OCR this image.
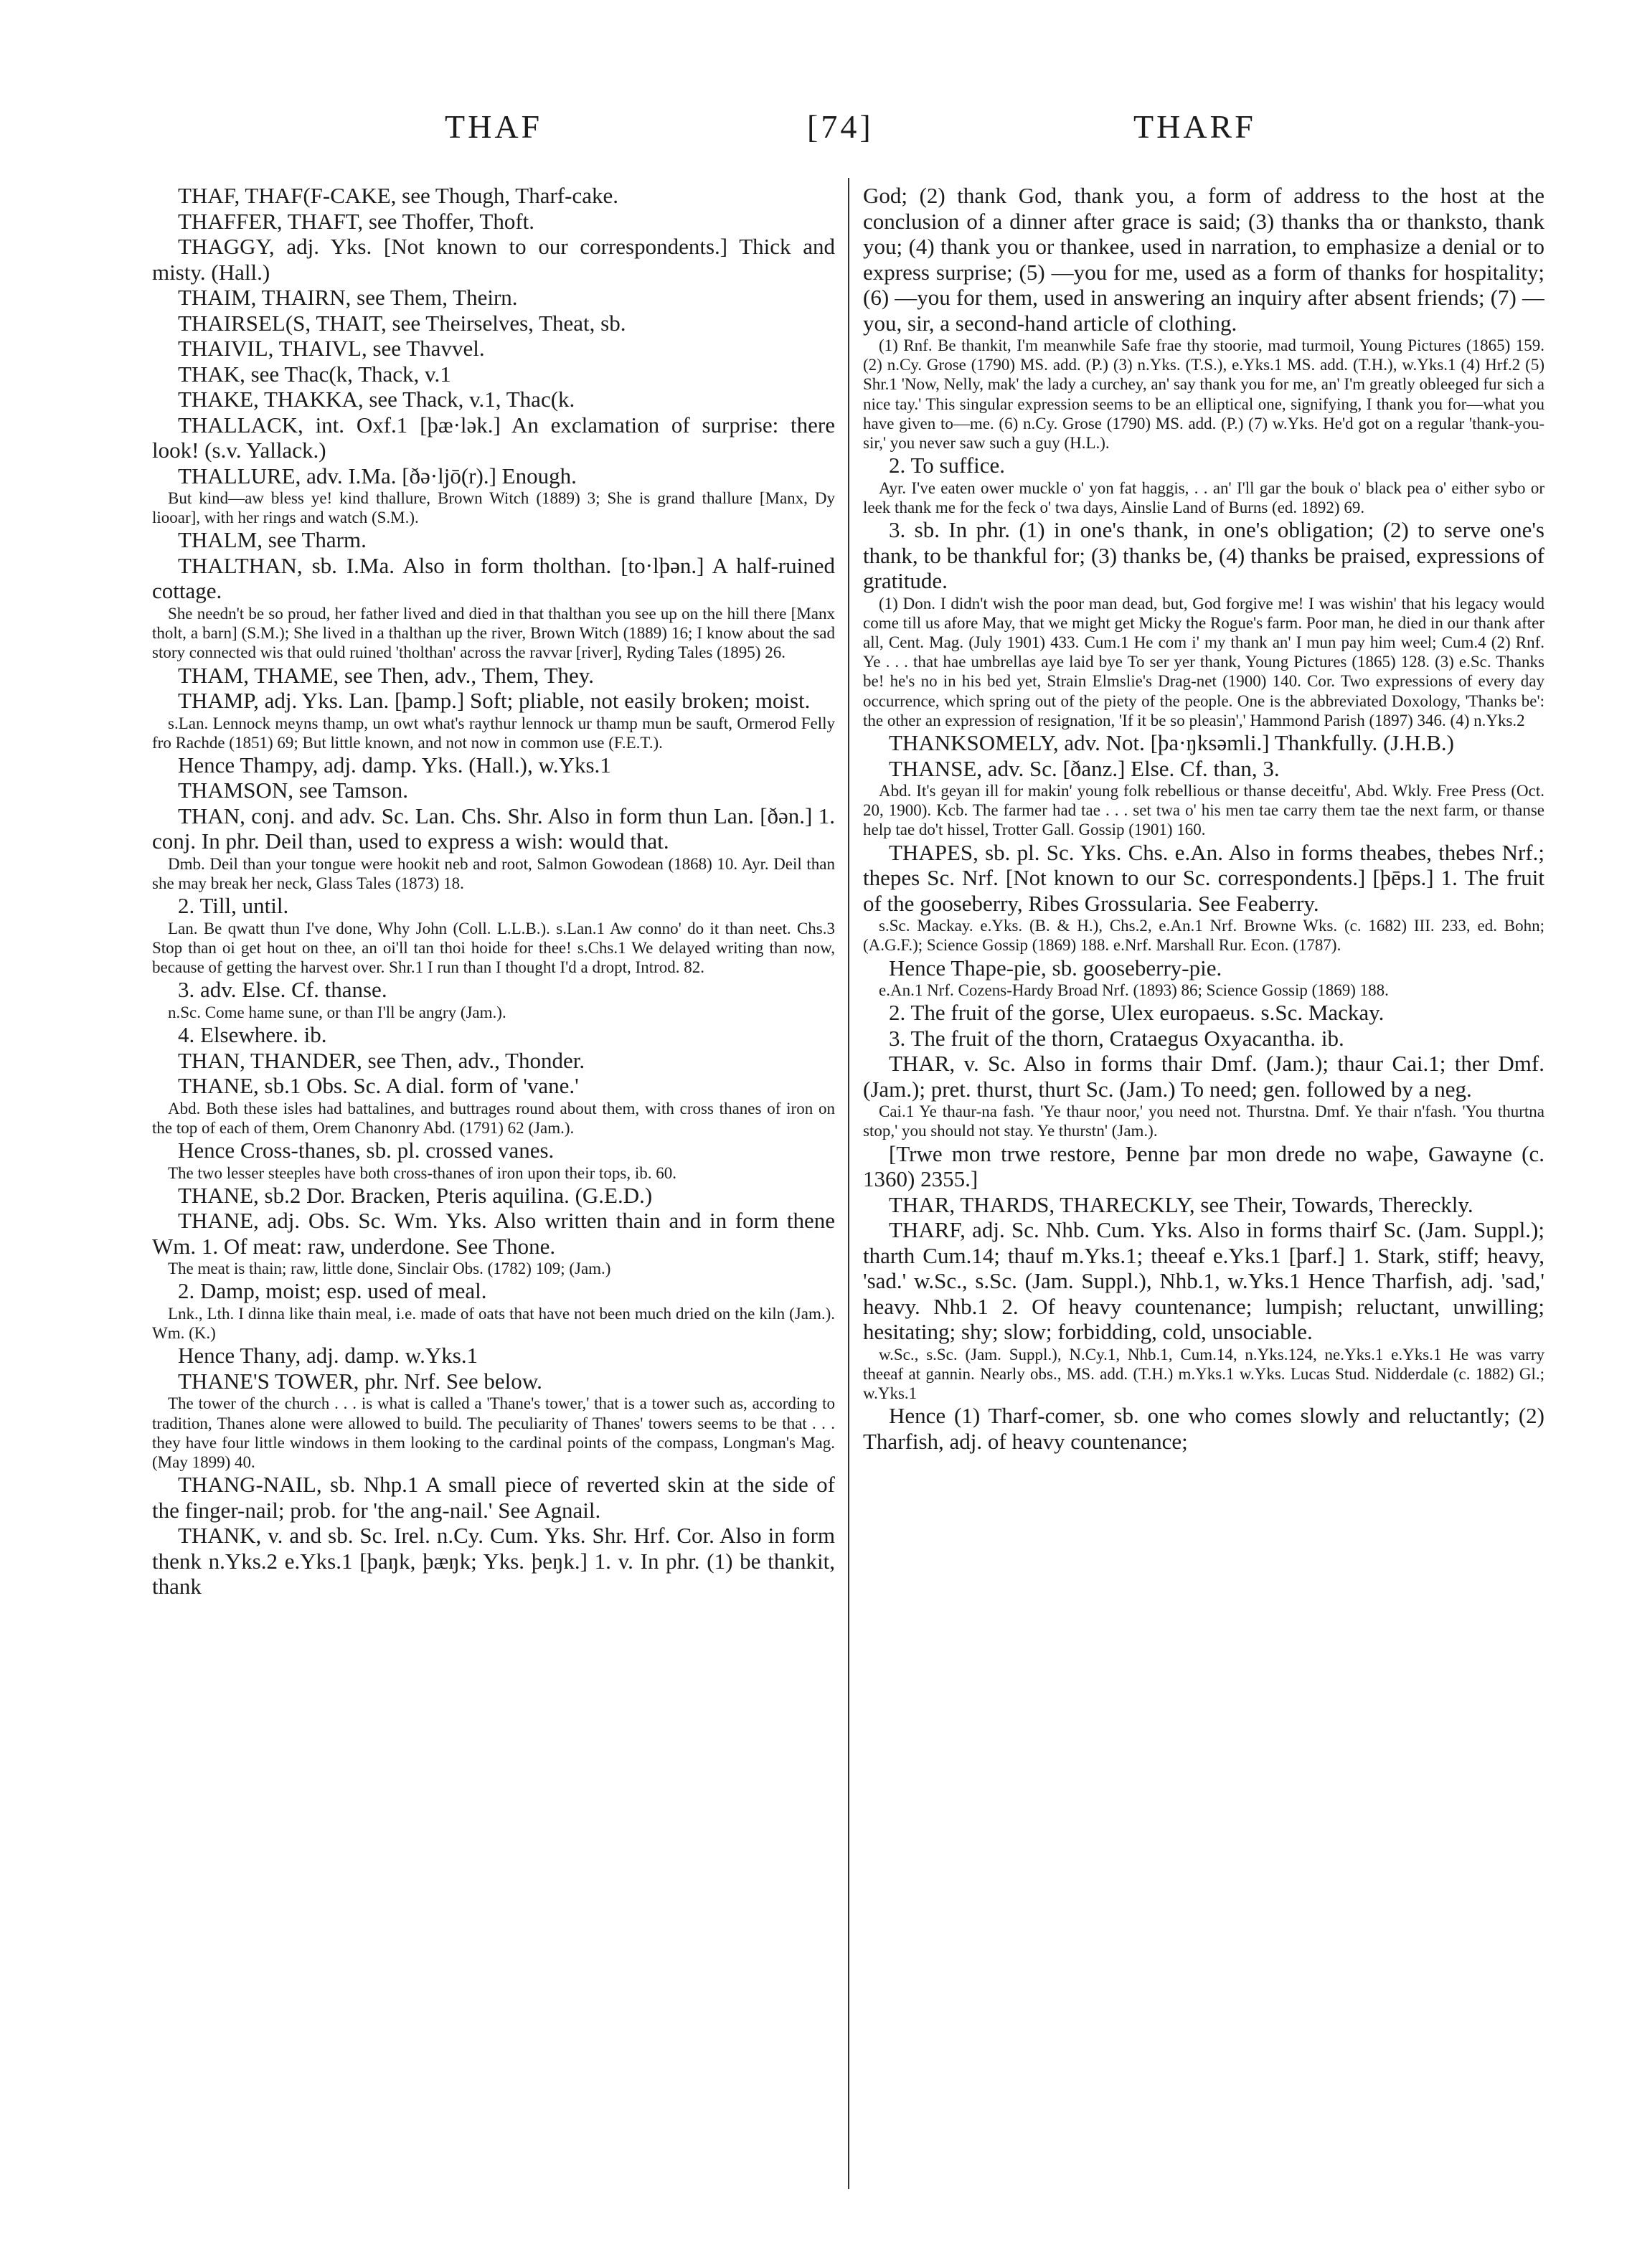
THAF	[74]	THARF

THAF, THAF(F-CAKE, see Though, Tharf-cake.

THAFFER, THAFT, see Thoffer, Thoft.

THAGGY, adj. Yks. [Not known to our correspondents.] Thick and misty. (Hall.)

THAIM, THAIRN, see Them, Theirn.

THAIRSEL(S, THAIT, see Theirselves, Theat, sb.

THAIVIL, THAIVL, see Thavvel.

THAK, see Thac(k, Thack, v.1

THAKE, THAKKA, see Thack, v.1, Thac(k.

THALLACK, int. Oxf.1 [þæ·lək.] An exclamation of surprise: there look! (s.v. Yallack.)

THALLURE, adv. I.Ma. [ðə·ljō(r).] Enough.

But kind—aw bless ye! kind thallure, Brown Witch (1889) 3; She is grand thallure [Manx, Dy liooar], with her rings and watch (S.M.).

THALM, see Tharm.

THALTHAN, sb. I.Ma. Also in form tholthan. [to·lþən.] A half-ruined cottage.

She needn't be so proud, her father lived and died in that thalthan you see up on the hill there [Manx tholt, a barn] (S.M.); She lived in a thalthan up the river, Brown Witch (1889) 16; I know about the sad story connected wis that ould ruined 'tholthan' across the ravvar [river], Ryding Tales (1895) 26.

THAM, THAME, see Then, adv., Them, They.

THAMP, adj. Yks. Lan. [þamp.] Soft; pliable, not easily broken; moist.

s.Lan. Lennock meyns thamp, un owt what's raythur lennock ur thamp mun be sauft, Ormerod Felly fro Rachde (1851) 69; But little known, and not now in common use (F.E.T.).

Hence Thampy, adj. damp. Yks. (Hall.), w.Yks.1

THAMSON, see Tamson.

THAN, conj. and adv. Sc. Lan. Chs. Shr. Also in form thun Lan. [ðən.] 1. conj. In phr. Deil than, used to express a wish: would that.

Dmb. Deil than your tongue were hookit neb and root, Salmon Gowodean (1868) 10. Ayr. Deil than she may break her neck, Glass Tales (1873) 18.

2. Till, until.

Lan. Be qwatt thun I've done, Why John (Coll. L.L.B.). s.Lan.1 Aw conno' do it than neet. Chs.3 Stop than oi get hout on thee, an oi'll tan thoi hoide for thee! s.Chs.1 We delayed writing than now, because of getting the harvest over. Shr.1 I run than I thought I'd a dropt, Introd. 82.

3. adv. Else. Cf. thanse.

n.Sc. Come hame sune, or than I'll be angry (Jam.).

4. Elsewhere. ib.

THAN, THANDER, see Then, adv., Thonder.

THANE, sb.1 Obs. Sc. A dial. form of 'vane.'

Abd. Both these isles had battalines, and buttrages round about them, with cross thanes of iron on the top of each of them, Orem Chanonry Abd. (1791) 62 (Jam.).

Hence Cross-thanes, sb. pl. crossed vanes.

The two lesser steeples have both cross-thanes of iron upon their tops, ib. 60.

THANE, sb.2 Dor. Bracken, Pteris aquilina. (G.E.D.)

THANE, adj. Obs. Sc. Wm. Yks. Also written thain and in form thene Wm. 1. Of meat: raw, underdone. See Thone.

The meat is thain; raw, little done, Sinclair Obs. (1782) 109; (Jam.)

2. Damp, moist; esp. used of meal.

Lnk., Lth. I dinna like thain meal, i.e. made of oats that have not been much dried on the kiln (Jam.). Wm. (K.)

Hence Thany, adj. damp. w.Yks.1

THANE'S TOWER, phr. Nrf. See below.

The tower of the church . . . is what is called a 'Thane's tower,' that is a tower such as, according to tradition, Thanes alone were allowed to build. The peculiarity of Thanes' towers seems to be that . . . they have four little windows in them looking to the cardinal points of the compass, Longman's Mag. (May 1899) 40.

THANG-NAIL, sb. Nhp.1 A small piece of reverted skin at the side of the finger-nail; prob. for 'the ang-nail.' See Agnail.

THANK, v. and sb. Sc. Irel. n.Cy. Cum. Yks. Shr. Hrf. Cor. Also in form thenk n.Yks.2 e.Yks.1 [þaŋk, þæŋk; Yks. þeŋk.] 1. v. In phr. (1) be thankit, thank

God; (2) thank God, thank you, a form of address to the host at the conclusion of a dinner after grace is said; (3) thanks tha or thanksto, thank you; (4) thank you or thankee, used in narration, to emphasize a denial or to express surprise; (5) —you for me, used as a form of thanks for hospitality; (6) —you for them, used in answering an inquiry after absent friends; (7) —you, sir, a second-hand article of clothing.

(1) Rnf. Be thankit, I'm meanwhile Safe frae thy stoorie, mad turmoil, Young Pictures (1865) 159. (2) n.Cy. Grose (1790) MS. add. (P.) (3) n.Yks. (T.S.), e.Yks.1 MS. add. (T.H.), w.Yks.1 (4) Hrf.2 (5) Shr.1 'Now, Nelly, mak' the lady a curchey, an' say thank you for me, an' I'm greatly obleeged fur sich a nice tay.' This singular expression seems to be an elliptical one, signifying, I thank you for—what you have given to—me. (6) n.Cy. Grose (1790) MS. add. (P.) (7) w.Yks. He'd got on a regular 'thank-you-sir,' you never saw such a guy (H.L.).

2. To suffice.

Ayr. I've eaten ower muckle o' yon fat haggis, . . an' I'll gar the bouk o' black pea o' either sybo or leek thank me for the feck o' twa days, Ainslie Land of Burns (ed. 1892) 69.

3. sb. In phr. (1) in one's thank, in one's obligation; (2) to serve one's thank, to be thankful for; (3) thanks be, (4) thanks be praised, expressions of gratitude.

(1) Don. I didn't wish the poor man dead, but, God forgive me! I was wishin' that his legacy would come till us afore May, that we might get Micky the Rogue's farm. Poor man, he died in our thank after all, Cent. Mag. (July 1901) 433. Cum.1 He com i' my thank an' I mun pay him weel; Cum.4 (2) Rnf. Ye . . . that hae umbrellas aye laid bye To ser yer thank, Young Pictures (1865) 128. (3) e.Sc. Thanks be! he's no in his bed yet, Strain Elmslie's Drag-net (1900) 140. Cor. Two expressions of every day occurrence, which spring out of the piety of the people. One is the abbreviated Doxology, 'Thanks be': the other an expression of resignation, 'If it be so pleasin',' Hammond Parish (1897) 346. (4) n.Yks.2

THANKSOMELY, adv. Not. [þa·ŋksəmli.] Thankfully. (J.H.B.)

THANSE, adv. Sc. [ðanz.] Else. Cf. than, 3.

Abd. It's geyan ill for makin' young folk rebellious or thanse deceitfu', Abd. Wkly. Free Press (Oct. 20, 1900). Kcb. The farmer had tae . . . set twa o' his men tae carry them tae the next farm, or thanse help tae do't hissel, Trotter Gall. Gossip (1901) 160.

THAPES, sb. pl. Sc. Yks. Chs. e.An. Also in forms theabes, thebes Nrf.; thepes Sc. Nrf. [Not known to our Sc. correspondents.] [þēps.] 1. The fruit of the gooseberry, Ribes Grossularia. See Feaberry.

s.Sc. Mackay. e.Yks. (B. & H.), Chs.2, e.An.1 Nrf. Browne Wks. (c. 1682) III. 233, ed. Bohn; (A.G.F.); Science Gossip (1869) 188. e.Nrf. Marshall Rur. Econ. (1787).

Hence Thape-pie, sb. gooseberry-pie.

e.An.1 Nrf. Cozens-Hardy Broad Nrf. (1893) 86; Science Gossip (1869) 188.

2. The fruit of the gorse, Ulex europaeus. s.Sc. Mackay.

3. The fruit of the thorn, Crataegus Oxyacantha. ib.

THAR, v. Sc. Also in forms thair Dmf. (Jam.); thaur Cai.1; ther Dmf. (Jam.); pret. thurst, thurt Sc. (Jam.) To need; gen. followed by a neg.

Cai.1 Ye thaur-na fash. 'Ye thaur noor,' you need not. Thurstna. Dmf. Ye thair n'fash. 'You thurtna stop,' you should not stay. Ye thurstn' (Jam.).

[Trwe mon trwe restore, Þenne þar mon drede no waþe, Gawayne (c. 1360) 2355.]

THAR, THARDS, THARECKLY, see Their, Towards, Thereckly.

THARF, adj. Sc. Nhb. Cum. Yks. Also in forms thairf Sc. (Jam. Suppl.); tharth Cum.14; thauf m.Yks.1; theeaf e.Yks.1 [þarf.] 1. Stark, stiff; heavy, 'sad.' w.Sc., s.Sc. (Jam. Suppl.), Nhb.1, w.Yks.1 Hence Tharfish, adj. 'sad,' heavy. Nhb.1 2. Of heavy countenance; lumpish; reluctant, unwilling; hesitating; shy; slow; forbidding, cold, unsociable.

w.Sc., s.Sc. (Jam. Suppl.), N.Cy.1, Nhb.1, Cum.14, n.Yks.124, ne.Yks.1 e.Yks.1 He was varry theeaf at gannin. Nearly obs., MS. add. (T.H.) m.Yks.1 w.Yks. Lucas Stud. Nidderdale (c. 1882) Gl.; w.Yks.1

Hence (1) Tharf-comer, sb. one who comes slowly and reluctantly; (2) Tharfish, adj. of heavy countenance;
